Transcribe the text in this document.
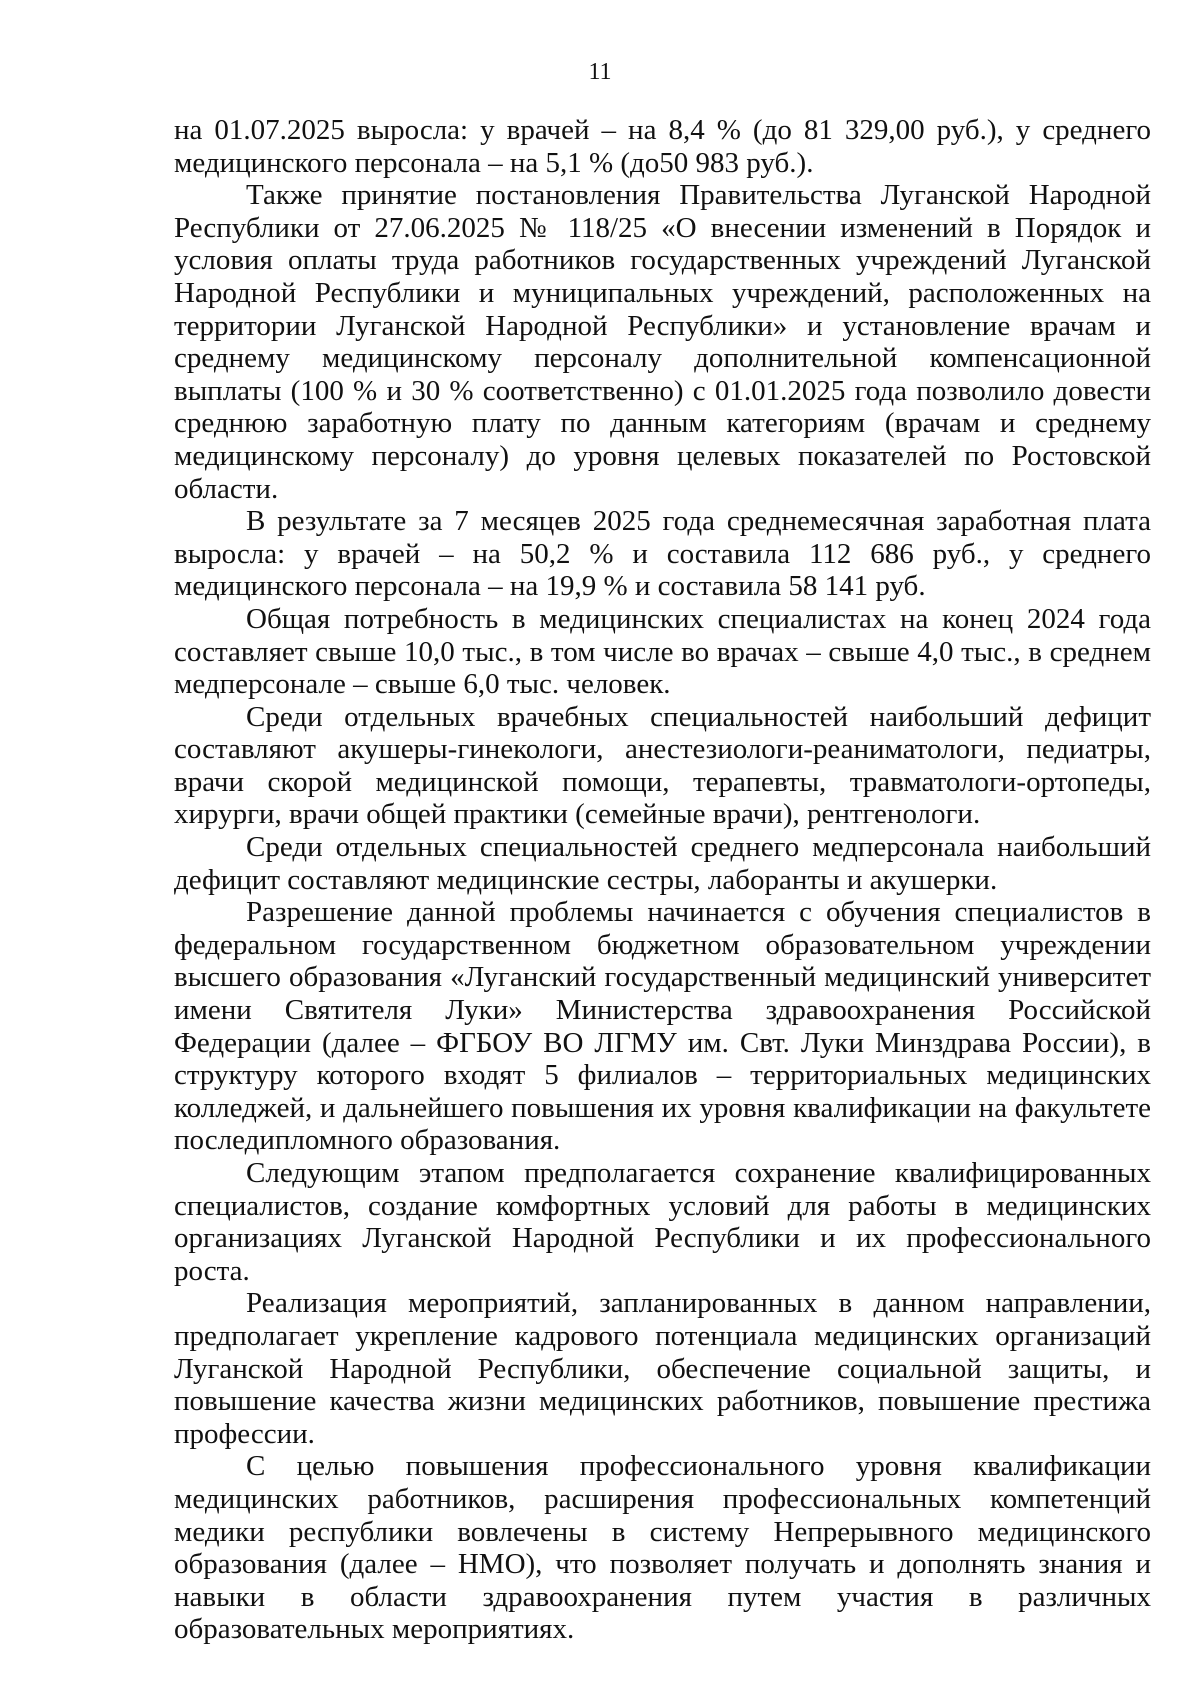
11

на 01.07.2025 выросла: у врачей – на 8,4 % (до 81 329,00 руб.), у среднего медицинского персонала – на 5,1 % (до50 983 руб.).

Также принятие постановления Правительства Луганской Народной Республики от 27.06.2025 № 118/25 «О внесении изменений в Порядок и условия оплаты труда работников государственных учреждений Луганской Народной Республики и муниципальных учреждений, расположенных на территории Луганской Народной Республики» и установление врачам и среднему медицинскому персоналу дополнительной компенсационной выплаты (100 % и 30 % соответственно) с 01.01.2025 года позволило довести среднюю заработную плату по данным категориям (врачам и среднему медицинскому персоналу) до уровня целевых показателей по Ростовской области.

В результате за 7 месяцев 2025 года среднемесячная заработная плата выросла: у врачей – на 50,2 % и составила 112 686 руб., у среднего медицинского персонала – на 19,9 % и составила 58 141 руб.

Общая потребность в медицинских специалистах на конец 2024 года составляет свыше 10,0 тыс., в том числе во врачах – свыше 4,0 тыс., в среднем медперсонале – свыше 6,0 тыс. человек.

Среди отдельных врачебных специальностей наибольший дефицит составляют акушеры-гинекологи, анестезиологи-реаниматологи, педиатры, врачи скорой медицинской помощи, терапевты, травматологи-ортопеды, хирурги, врачи общей практики (семейные врачи), рентгенологи.

Среди отдельных специальностей среднего медперсонала наибольший дефицит составляют медицинские сестры, лаборанты и акушерки.

Разрешение данной проблемы начинается с обучения специалистов в федеральном государственном бюджетном образовательном учреждении высшего образования «Луганский государственный медицинский университет имени Святителя Луки» Министерства здравоохранения Российской Федерации (далее – ФГБОУ ВО ЛГМУ им. Свт. Луки Минздрава России), в структуру которого входят 5 филиалов – территориальных медицинских колледжей, и дальнейшего повышения их уровня квалификации на факультете последипломного образования.

Следующим этапом предполагается сохранение квалифицированных специалистов, создание комфортных условий для работы в медицинских организациях Луганской Народной Республики и их профессионального роста.

Реализация мероприятий, запланированных в данном направлении, предполагает укрепление кадрового потенциала медицинских организаций Луганской Народной Республики, обеспечение социальной защиты, и повышение качества жизни медицинских работников, повышение престижа профессии.

С целью повышения профессионального уровня квалификации медицинских работников, расширения профессиональных компетенций медики республики вовлечены в систему Непрерывного медицинского образования (далее – НМО), что позволяет получать и дополнять знания и навыки в области здравоохранения путем участия в различных образовательных мероприятиях.
